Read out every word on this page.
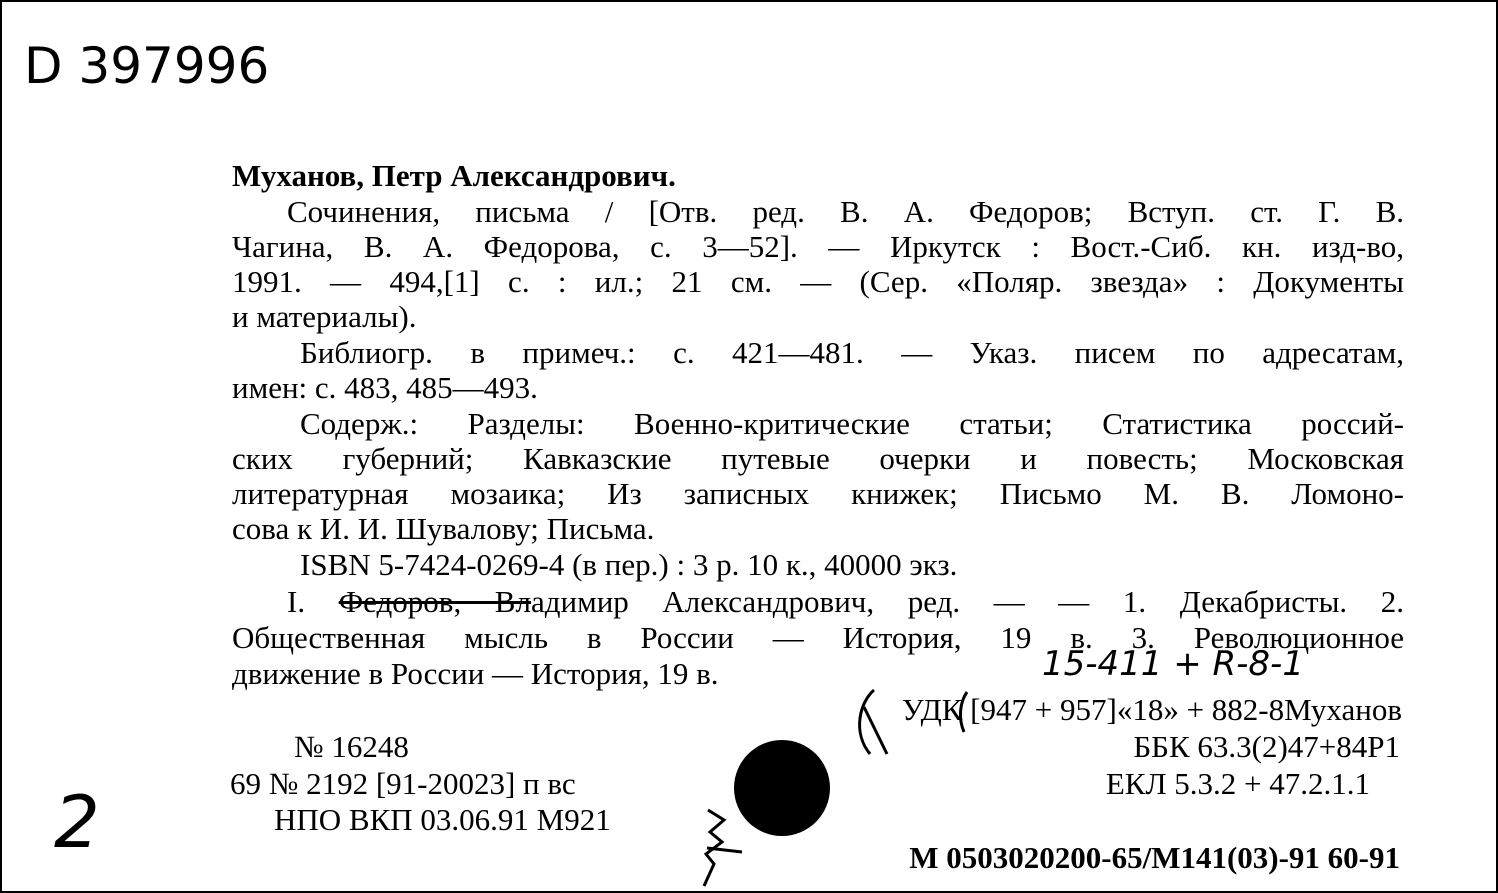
D 397996
Муханов, Петр Александрович.
Сочинения, письма / [Отв. ред. В. А. Федоров; Вступ. ст. Г. В.
Чагина, В. А. Федорова, с. 3—52]. — Иркутск : Вост.-Сиб. кн. изд-во,
1991. — 494,[1] с. : ил.; 21 см. — (Сер. «Поляр. звезда» : Документы
и материалы).
Библиогр. в примеч.: с. 421—481. — Указ. писем по адресатам,
имен: с. 483, 485—493.
Содерж.: Разделы: Военно-критические статьи; Статистика россий-
ских губерний; Кавказские путевые очерки и повесть; Московская
литературная мозаика; Из записных книжек; Письмо М. В. Ломоно-
сова к И. И. Шувалову; Письма.
ISBN 5-7424-0269-4 (в пер.) : 3 р. 10 к., 40000 экз.
I. Федоров, Владимир Александрович, ред. — — 1. Декабристы. 2.
Общественная мысль в России — История, 19 в. 3. Революционное
движение в России — История, 19 в.	15-411 + R-8-1
УДК [947 + 957]«18» + 882-8Муханов
№ 16248	ББК 63.3(2)47+84Р1
69 № 2192 [91-20023] п вс	ЕКЛ 5.3.2 + 47.2.1.1
НПО ВКП 03.06.91 М921
М 0503020200-65/М141(03)-91 60-91
2
